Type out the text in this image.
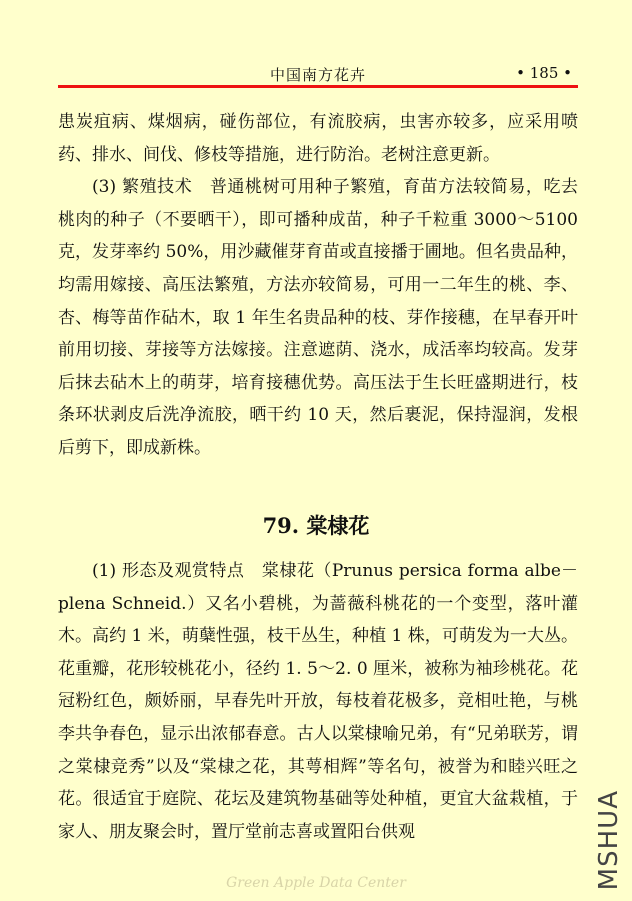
中国南方花卉	• 185 •

患炭疽病、煤烟病，碰伤部位，有流胶病，虫害亦较多，应采用喷药、排水、间伐、修枝等措施，进行防治。老树注意更新。

(3) 繁殖技术　普通桃树可用种子繁殖，育苗方法较简易，吃去桃肉的种子（不要晒干），即可播种成苗，种子千粒重 3000～5100 克，发芽率约 50%，用沙藏催芽育苗或直接播于圃地。但名贵品种，均需用嫁接、高压法繁殖，方法亦较简易，可用一二年生的桃、李、杏、梅等苗作砧木，取 1 年生名贵品种的枝、芽作接穗，在早春开叶前用切接、芽接等方法嫁接。注意遮荫、浇水，成活率均较高。发芽后抹去砧木上的萌芽，培育接穗优势。高压法于生长旺盛期进行，枝条环状剥皮后洗净流胶，晒干约 10 天，然后裹泥，保持湿润，发根后剪下，即成新株。

79. 棠棣花

(1) 形态及观赏特点　棠棣花（Prunus persica forma albe－plena Schneid.）又名小碧桃，为蔷薇科桃花的一个变型，落叶灌木。高约 1 米，萌蘖性强，枝干丛生，种植 1 株，可萌发为一大丛。花重瓣，花形较桃花小，径约 1. 5～2. 0 厘米，被称为袖珍桃花。花冠粉红色，颇娇丽，早春先叶开放，每枝着花极多，竞相吐艳，与桃李共争春色，显示出浓郁春意。古人以棠棣喻兄弟，有“兄弟联芳，谓之棠棣竞秀”以及“棠棣之花，其萼相辉”等名句，被誉为和睦兴旺之花。很适宜于庭院、花坛及建筑物基础等处种植，更宜大盆栽植，于家人、朋友聚会时，置厅堂前志喜或置阳台供观

Green Apple Data Center	MSHUA
